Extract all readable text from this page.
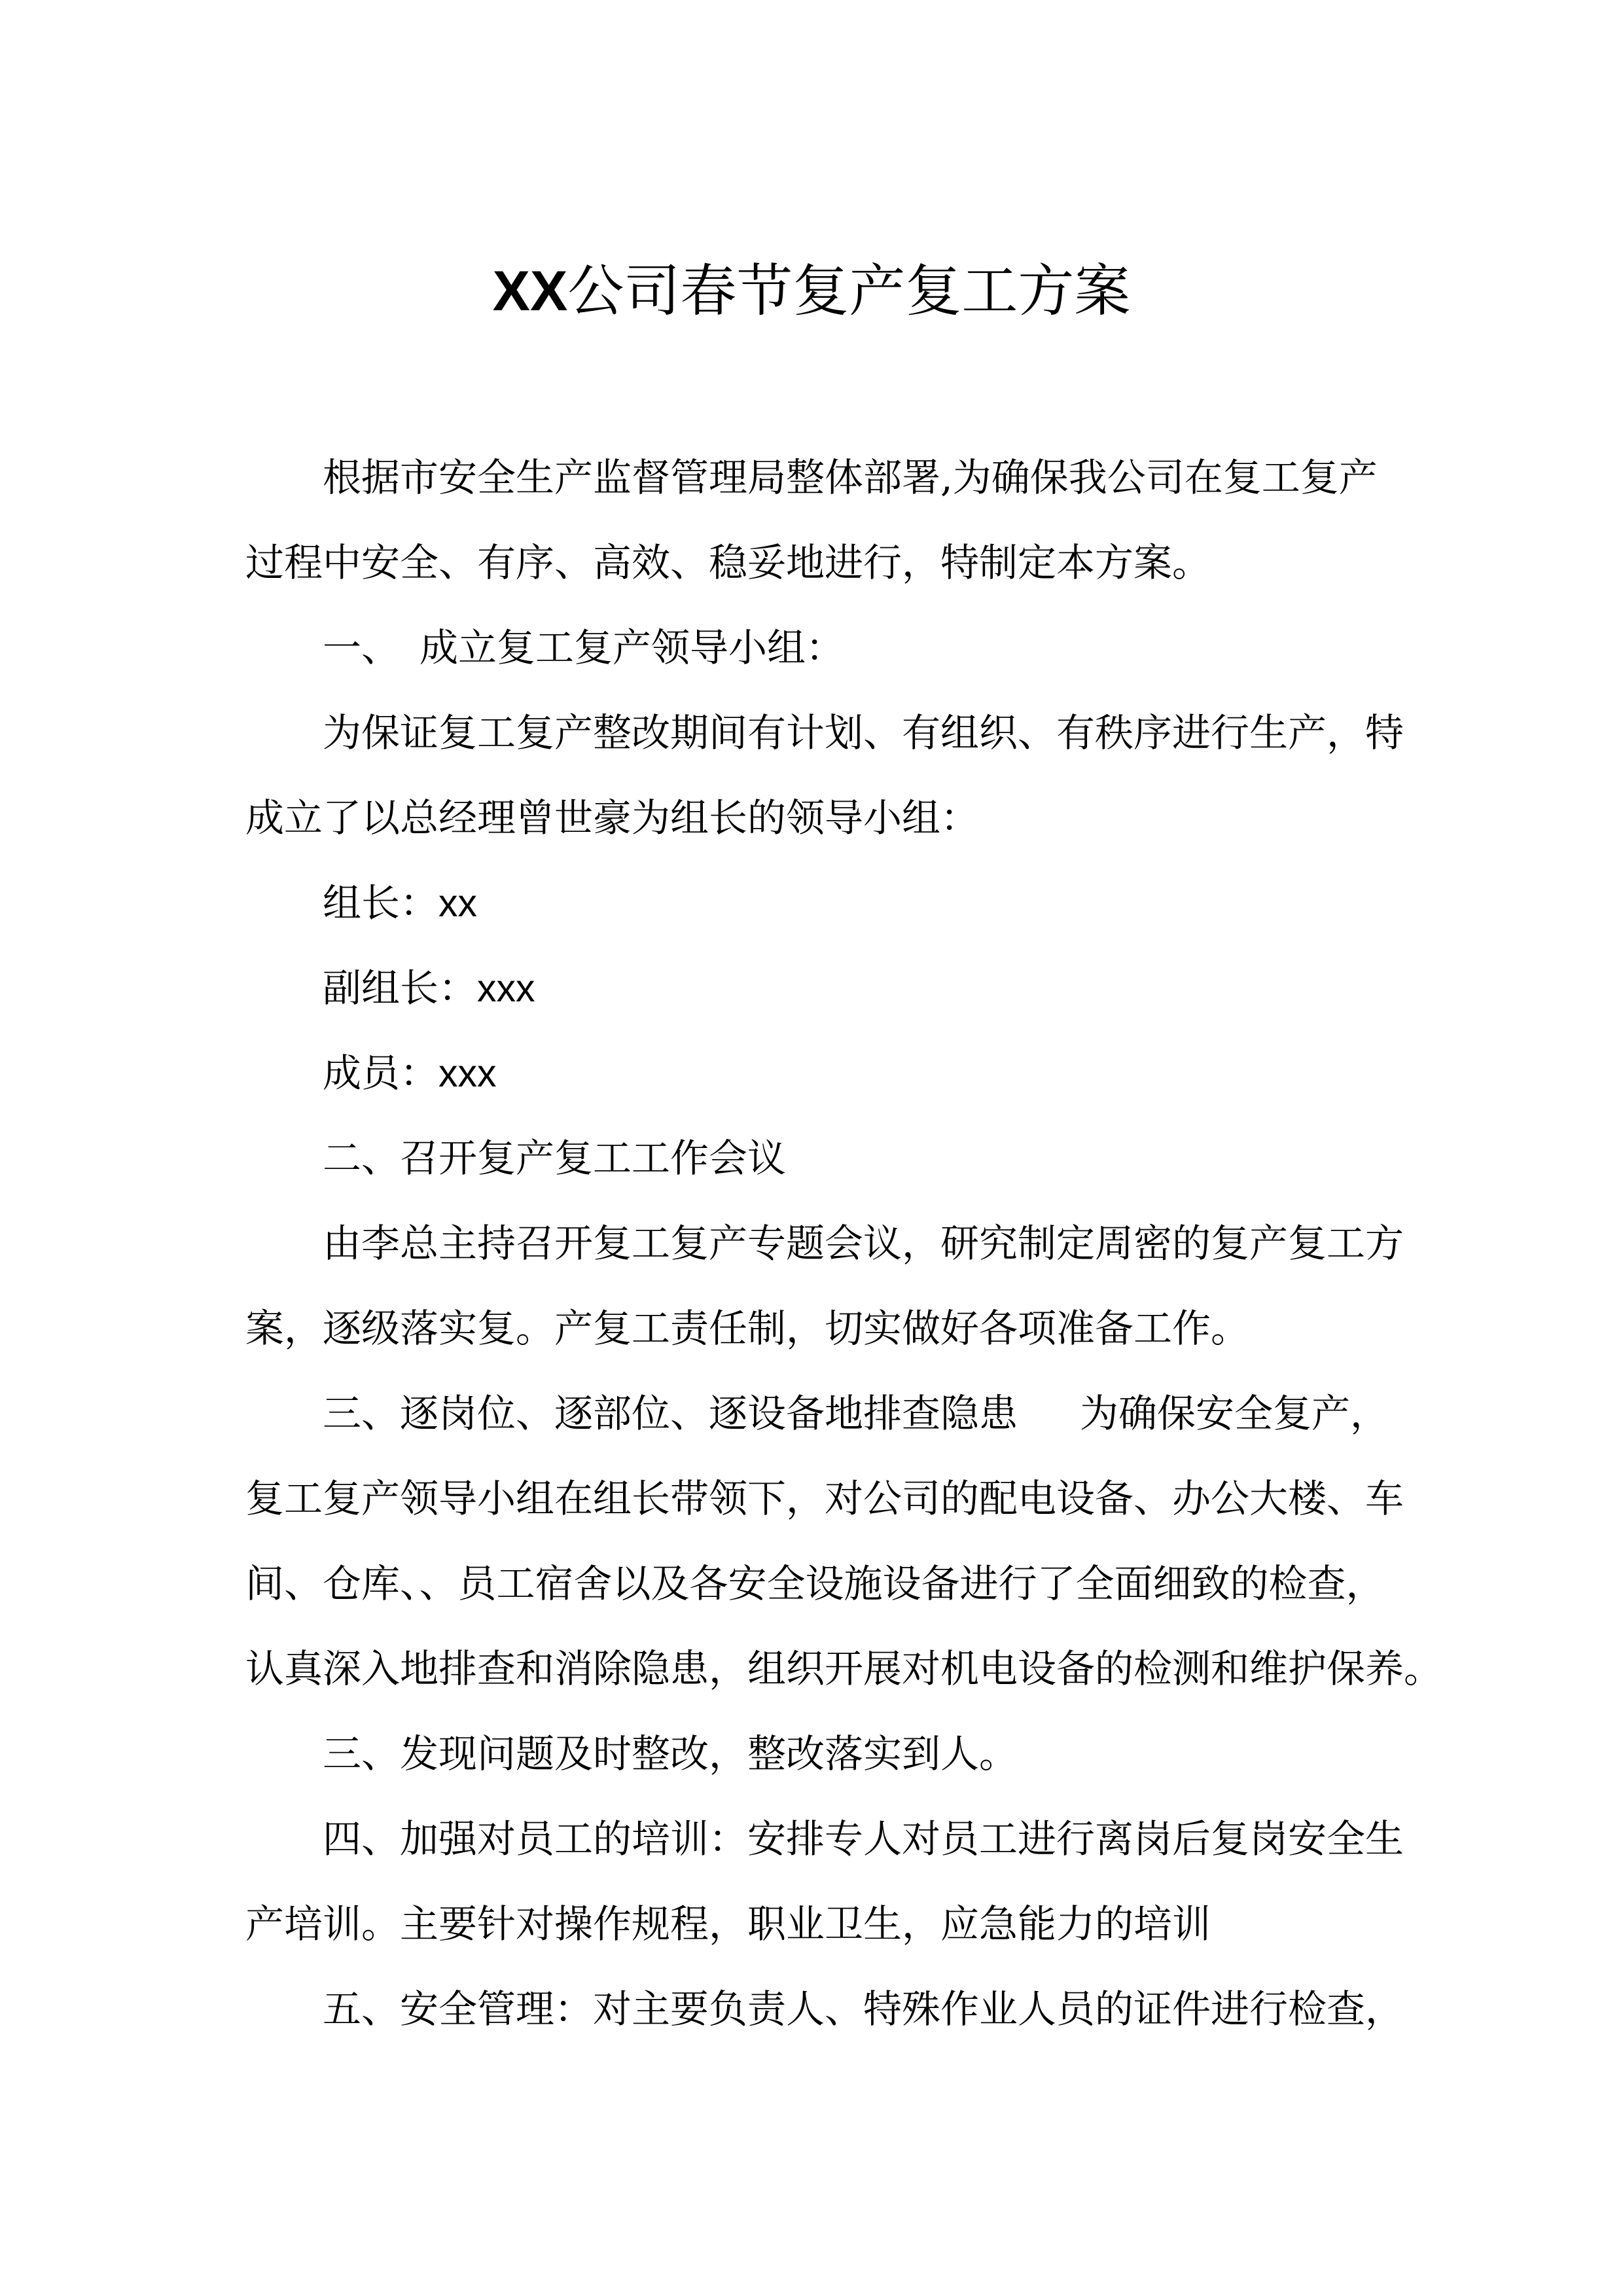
XX公司春节复产复工方案
根据市安全生产监督管理局整体部署,为确保我公司在复工复产
过程中安全、有序、高效、稳妥地进行，特制定本方案。
一、 成立复工复产领导小组：
为保证复工复产整改期间有计划、有组织、有秩序进行生产，特
成立了以总经理曾世豪为组长的领导小组：
组长：xx
副组长：xxx
成员：xxx
二、召开复产复工工作会议
由李总主持召开复工复产专题会议，研究制定周密的复产复工方
案，逐级落实复。产复工责任制，切实做好各项准备工作。
三、逐岗位、逐部位、逐设备地排查隐患 为确保安全复产，
复工复产领导小组在组长带领下，对公司的配电设备、办公大楼、车
间、仓库、、员工宿舍以及各安全设施设备进行了全面细致的检查，
认真深入地排查和消除隐患，组织开展对机电设备的检测和维护保养。
三、发现问题及时整改，整改落实到人。
四、加强对员工的培训：安排专人对员工进行离岗后复岗安全生
产培训。主要针对操作规程，职业卫生，应急能力的培训
五、安全管理：对主要负责人、特殊作业人员的证件进行检查，
